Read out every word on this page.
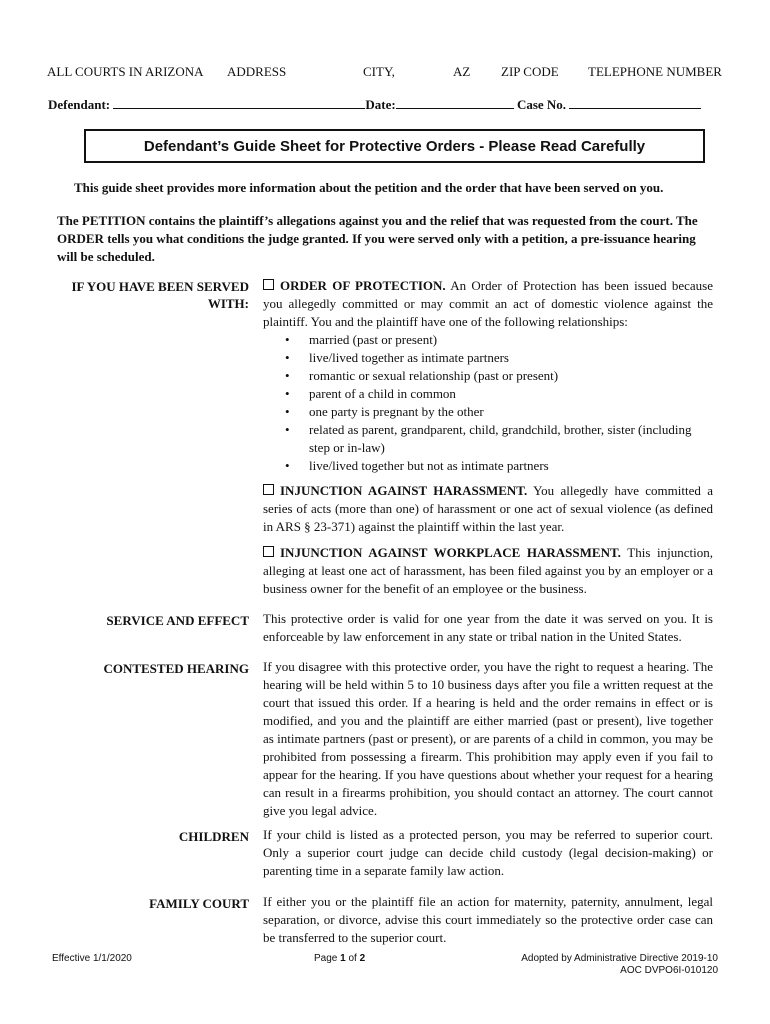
ALL COURTS IN ARIZONA ADDRESS	CITY,	AZ ZIP CODE TELEPHONE NUMBER
Defendant:	Date:	Case No.
Defendant’s Guide Sheet for Protective Orders - Please Read Carefully
This guide sheet provides more information about the petition and the order that have been served on you.
The PETITION contains the plaintiff’s allegations against you and the relief that was requested from the court. The ORDER tells you what conditions the judge granted. If you were served only with a petition, a pre-issuance hearing will be scheduled.
IF YOU HAVE BEEN SERVED
WITH:
ORDER OF PROTECTION. An Order of Protection has been issued because you allegedly committed or may commit an act of domestic violence against the plaintiff. You and the plaintiff have one of the following relationships:
• married (past or present)
• live/lived together as intimate partners
• romantic or sexual relationship (past or present)
• parent of a child in common
• one party is pregnant by the other
• related as parent, grandparent, child, grandchild, brother, sister (including step or in-law)
• live/lived together but not as intimate partners
INJUNCTION AGAINST HARASSMENT. You allegedly have committed a series of acts (more than one) of harassment or one act of sexual violence (as defined in ARS § 23-371) against the plaintiff within the last year.
INJUNCTION AGAINST WORKPLACE HARASSMENT. This injunction, alleging at least one act of harassment, has been filed against you by an employer or a business owner for the benefit of an employee or the business.
SERVICE AND EFFECT This protective order is valid for one year from the date it was served on you. It is enforceable by law enforcement in any state or tribal nation in the United States.
CONTESTED HEARING If you disagree with this protective order, you have the right to request a hearing. The hearing will be held within 5 to 10 business days after you file a written request at the court that issued this order. If a hearing is held and the order remains in effect or is modified, and you and the plaintiff are either married (past or present), live together as intimate partners (past or present), or are parents of a child in common, you may be prohibited from possessing a firearm. This prohibition may apply even if you fail to appear for the hearing. If you have questions about whether your request for a hearing can result in a firearms prohibition, you should contact an attorney. The court cannot give you legal advice.
CHILDREN If your child is listed as a protected person, you may be referred to superior court. Only a superior court judge can decide child custody (legal decision-making) or parenting time in a separate family law action.
FAMILY COURT If either you or the plaintiff file an action for maternity, paternity, annulment, legal separation, or divorce, advise this court immediately so the protective order case can be transferred to the superior court.
Effective 1/1/2020	Page 1 of 2	Adopted by Administrative Directive 2019-10
AOC DVPO6I-010120
